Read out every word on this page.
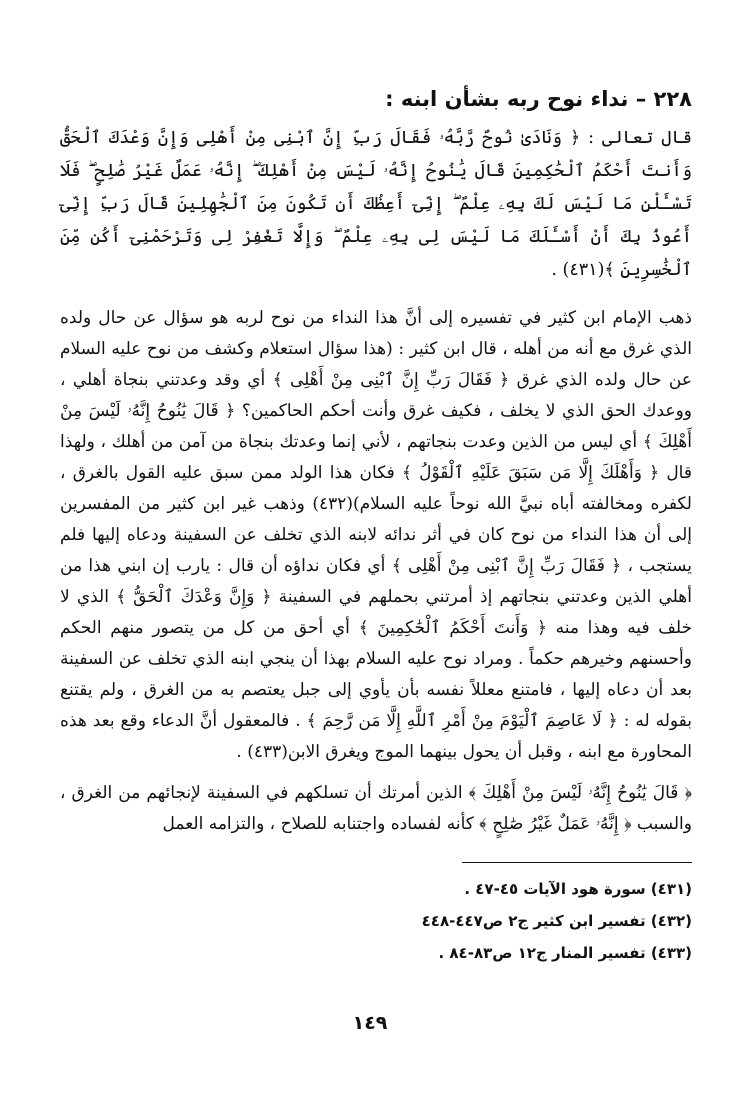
٢٢٨ – نداء نوح ربه بشأن ابنه :

قال تعالى : ﴿ وَنَادَىٰ نُوحٌ رَّبَّهُۥ فَقَالَ رَبِّ إِنَّ ٱبْنِى مِنْ أَهْلِى وَإِنَّ وَعْدَكَ ٱلْحَقُّ وَأَنتَ أَحْكَمُ ٱلْحَٰكِمِينَ قَالَ يَٰنُوحُ إِنَّهُۥ لَيْسَ مِنْ أَهْلِكَ ۖ إِنَّهُۥ عَمَلٌ غَيْرُ صَٰلِحٍ ۖ فَلَا تَسْـَٔلْنِ مَا لَيْسَ لَكَ بِهِۦ عِلْمٌ ۖ إِنِّىٓ أَعِظُكَ أَن تَكُونَ مِنَ ٱلْجَٰهِلِينَ قَالَ رَبِّ إِنِّىٓ أَعُوذُ بِكَ أَنْ أَسْـَٔلَكَ مَا لَيْسَ لِى بِهِۦ عِلْمٌ ۖ وَإِلَّا تَغْفِرْ لِى وَتَرْحَمْنِىٓ أَكُن مِّنَ ٱلْخَٰسِرِينَ ﴾(٤٣١) .

ذهب الإمام ابن كثير في تفسيره إلى أنَّ هذا النداء من نوح لربه هو سؤال عن حال ولده الذي غرق مع أنه من أهله ، قال ابن كثير : (هذا سؤال استعلام وكشف من نوح عليه السلام عن حال ولده الذي غرق ﴿ فَقَالَ رَبِّ إِنَّ ٱبْنِى مِنْ أَهْلِى ﴾ أي وقد وعدتني بنجاة أهلي ، ووعدك الحق الذي لا يخلف ، فكيف غرق وأنت أحكم الحاكمين؟ ﴿ قَالَ يَٰنُوحُ إِنَّهُۥ لَيْسَ مِنْ أَهْلِكَ ﴾ أي ليس من الذين وعدت بنجاتهم ، لأني إنما وعدتك بنجاة من آمن من أهلك ، ولهذا قال ﴿ وَأَهْلَكَ إِلَّا مَن سَبَقَ عَلَيْهِ ٱلْقَوْلُ ﴾ فكان هذا الولد ممن سبق عليه القول بالغرق ، لكفره ومخالفته أباه نبيَّ الله نوحاً عليه السلام)(٤٣٢) وذهب غير ابن كثير من المفسرين إلى أن هذا النداء من نوح كان في أثر ندائه لابنه الذي تخلف عن السفينة ودعاه إليها فلم يستجب ، ﴿ فَقَالَ رَبِّ إِنَّ ٱبْنِى مِنْ أَهْلِى ﴾ أي فكان نداؤه أن قال : يارب إن ابني هذا من أهلي الذين وعدتني بنجاتهم إذ أمرتني بحملهم في السفينة ﴿ وَإِنَّ وَعْدَكَ ٱلْحَقُّ ﴾ الذي لا خلف فيه وهذا منه ﴿ وَأَنتَ أَحْكَمُ ٱلْحَٰكِمِينَ ﴾ أي أحق من كل من يتصور منهم الحكم وأحسنهم وخيرهم حكماً . ومراد نوح عليه السلام بهذا أن ينجي ابنه الذي تخلف عن السفينة بعد أن دعاه إليها ، فامتنع معللاً نفسه بأن يأوي إلى جبل يعتصم به من الغرق ، ولم يقتنع بقوله له : ﴿ لَا عَاصِمَ ٱلْيَوْمَ مِنْ أَمْرِ ٱللَّهِ إِلَّا مَن رَّحِمَ ﴾ . فالمعقول أنَّ الدعاء وقع بعد هذه المحاورة مع ابنه ، وقبل أن يحول بينهما الموج ويغرق الابن(٤٣٣) .

﴿ قَالَ يَٰنُوحُ إِنَّهُۥ لَيْسَ مِنْ أَهْلِكَ ﴾ الذين أمرتك أن تسلكهم في السفينة لإنجائهم من الغرق ، والسبب ﴿ إِنَّهُۥ عَمَلٌ غَيْرُ صَٰلِحٍ ﴾ كأنه لفساده واجتنابه للصلاح ، والتزامه العمل

(٤٣١) سورة هود الآيات ٤٥-٤٧ .

(٤٣٢) تفسير ابن كثير ج٢ ص٤٤٧-٤٤٨

(٤٣٣) تفسير المنار ج١٢ ص٨٣-٨٤ .

١٤٩
